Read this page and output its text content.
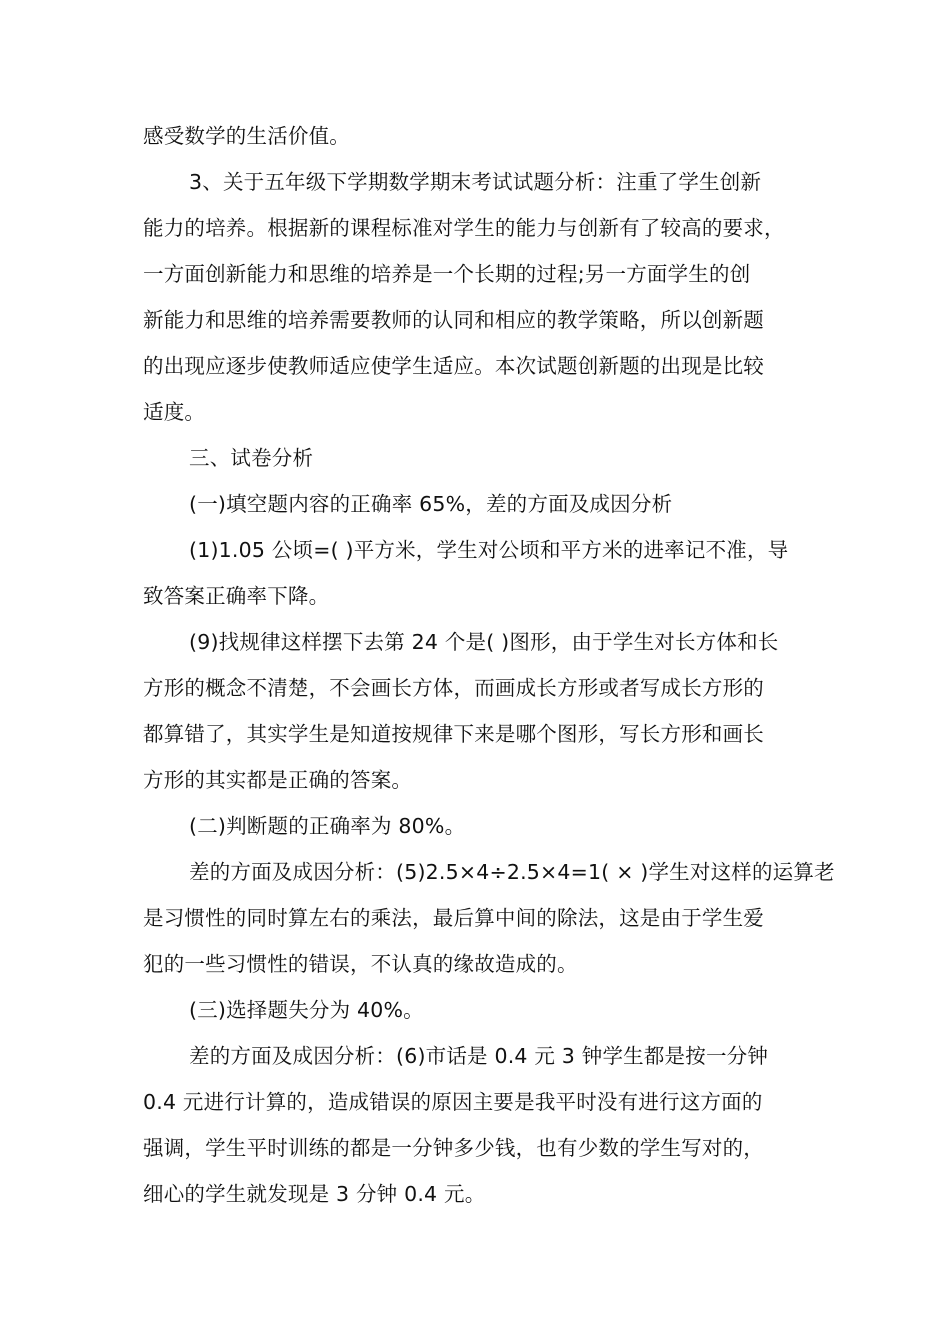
感受数学的生活价值。
3、关于五年级下学期数学期末考试试题分析：注重了学生创新
能力的培养。根据新的课程标准对学生的能力与创新有了较高的要求，
一方面创新能力和思维的培养是一个长期的过程;另一方面学生的创
新能力和思维的培养需要教师的认同和相应的教学策略，所以创新题
的出现应逐步使教师适应使学生适应。本次试题创新题的出现是比较
适度。
三、试卷分析
(一)填空题内容的正确率 65%，差的方面及成因分析
(1)1.05 公顷=( )平方米，学生对公顷和平方米的进率记不准，导
致答案正确率下降。
(9)找规律这样摆下去第 24 个是( )图形，由于学生对长方体和长
方形的概念不清楚，不会画长方体，而画成长方形或者写成长方形的
都算错了，其实学生是知道按规律下来是哪个图形，写长方形和画长
方形的其实都是正确的答案。
(二)判断题的正确率为 80%。
差的方面及成因分析：(5)2.5×4÷2.5×4=1( × )学生对这样的运算老
是习惯性的同时算左右的乘法，最后算中间的除法，这是由于学生爱
犯的一些习惯性的错误，不认真的缘故造成的。
(三)选择题失分为 40%。
差的方面及成因分析：(6)市话是 0.4 元 3 钟学生都是按一分钟
0.4 元进行计算的，造成错误的原因主要是我平时没有进行这方面的
强调，学生平时训练的都是一分钟多少钱，也有少数的学生写对的，
细心的学生就发现是 3 分钟 0.4 元。
